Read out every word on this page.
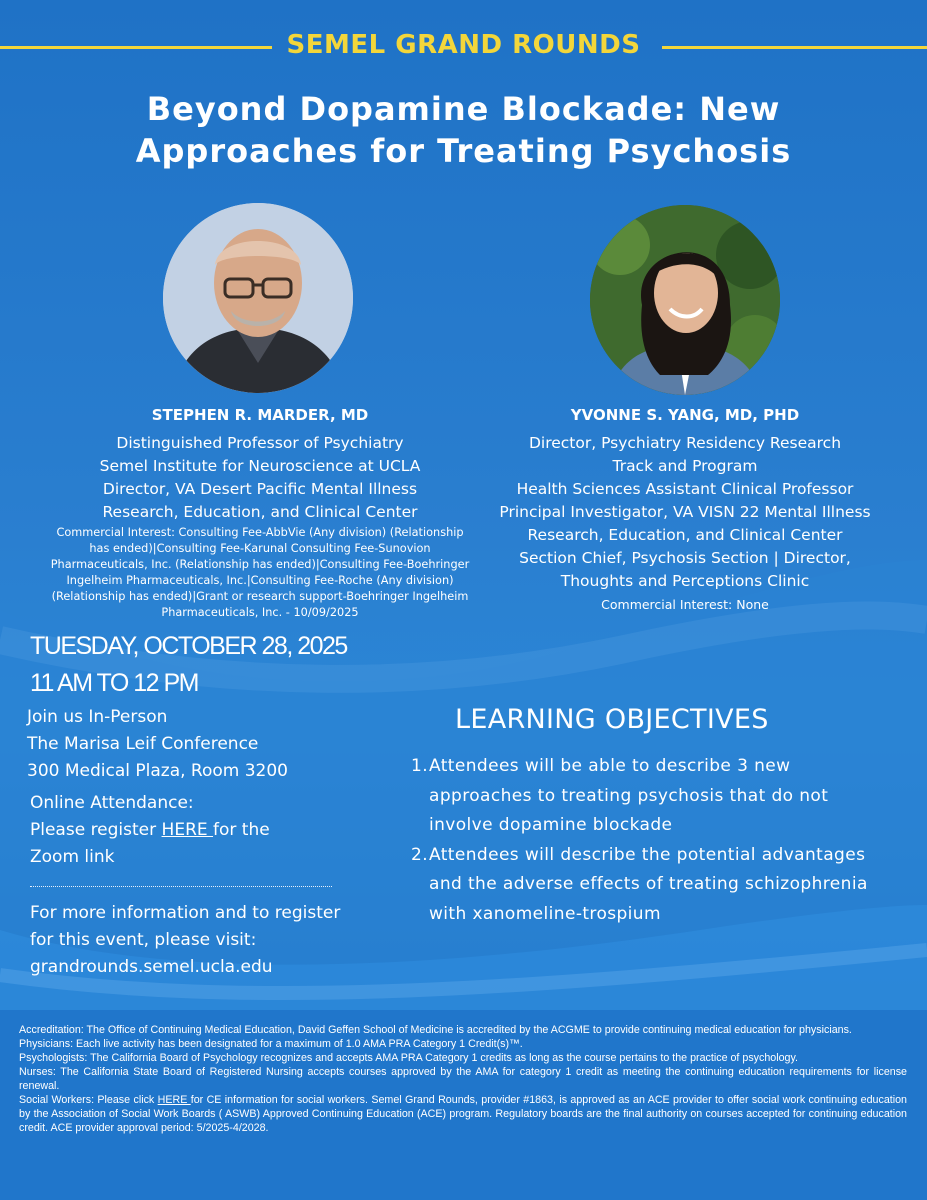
SEMEL GRAND ROUNDS
Beyond Dopamine Blockade: New
Approaches for Treating Psychosis
STEPHEN R. MARDER, MD
Distinguished Professor of Psychiatry
Semel Institute for Neuroscience at UCLA
Director, VA Desert Pacific Mental Illness
Research, Education, and Clinical Center
Commercial Interest: Consulting Fee-AbbVie (Any division) (Relationship
has ended)|Consulting Fee-Karunal Consulting Fee-Sunovion
Pharmaceuticals, Inc. (Relationship has ended)|Consulting Fee-Boehringer
Ingelheim Pharmaceuticals, Inc.|Consulting Fee-Roche (Any division)
(Relationship has ended)|Grant or research support-Boehringer Ingelheim
Pharmaceuticals, Inc. - 10/09/2025
YVONNE S. YANG, MD, PHD
Director, Psychiatry Residency Research
Track and Program
Health Sciences Assistant Clinical Professor
Principal Investigator, VA VISN 22 Mental Illness
Research, Education, and Clinical Center
Section Chief, Psychosis Section | Director,
Thoughts and Perceptions Clinic
Commercial Interest: None
TUESDAY, OCTOBER 28, 2025
11 AM TO 12 PM
Join us In-Person
The Marisa Leif Conference
300 Medical Plaza, Room 3200
Online Attendance:
Please register HERE for the
Zoom link
For more information and to register
for this event, please visit:
grandrounds.semel.ucla.edu
LEARNING OBJECTIVES
1. Attendees will be able to describe 3 new
approaches to treating psychosis that do not
involve dopamine blockade
2. Attendees will describe the potential advantages
and the adverse effects of treating schizophrenia
with xanomeline-trospium

Accreditation: The Office of Continuing Medical Education, David Geffen School of Medicine is accredited by the ACGME to provide continuing medical education for physicians.

Physicians: Each live activity has been designated for a maximum of 1.0 AMA PRA Category 1 Credit(s)™.

Psychologists: The California Board of Psychology recognizes and accepts AMA PRA Category 1 credits as long as the course pertains to the practice of psychology.

Nurses: The California State Board of Registered Nursing accepts courses approved by the AMA for category 1 credit as meeting the continuing education requirements for license renewal.

Social Workers: Please click HERE for CE information for social workers. Semel Grand Rounds, provider #1863, is approved as an ACE provider to offer social work continuing education by the Association of Social Work Boards ( ASWB) Approved Continuing Education (ACE) program. Regulatory boards are the final authority on courses accepted for continuing education credit. ACE provider approval period: 5/2025-4/2028.
